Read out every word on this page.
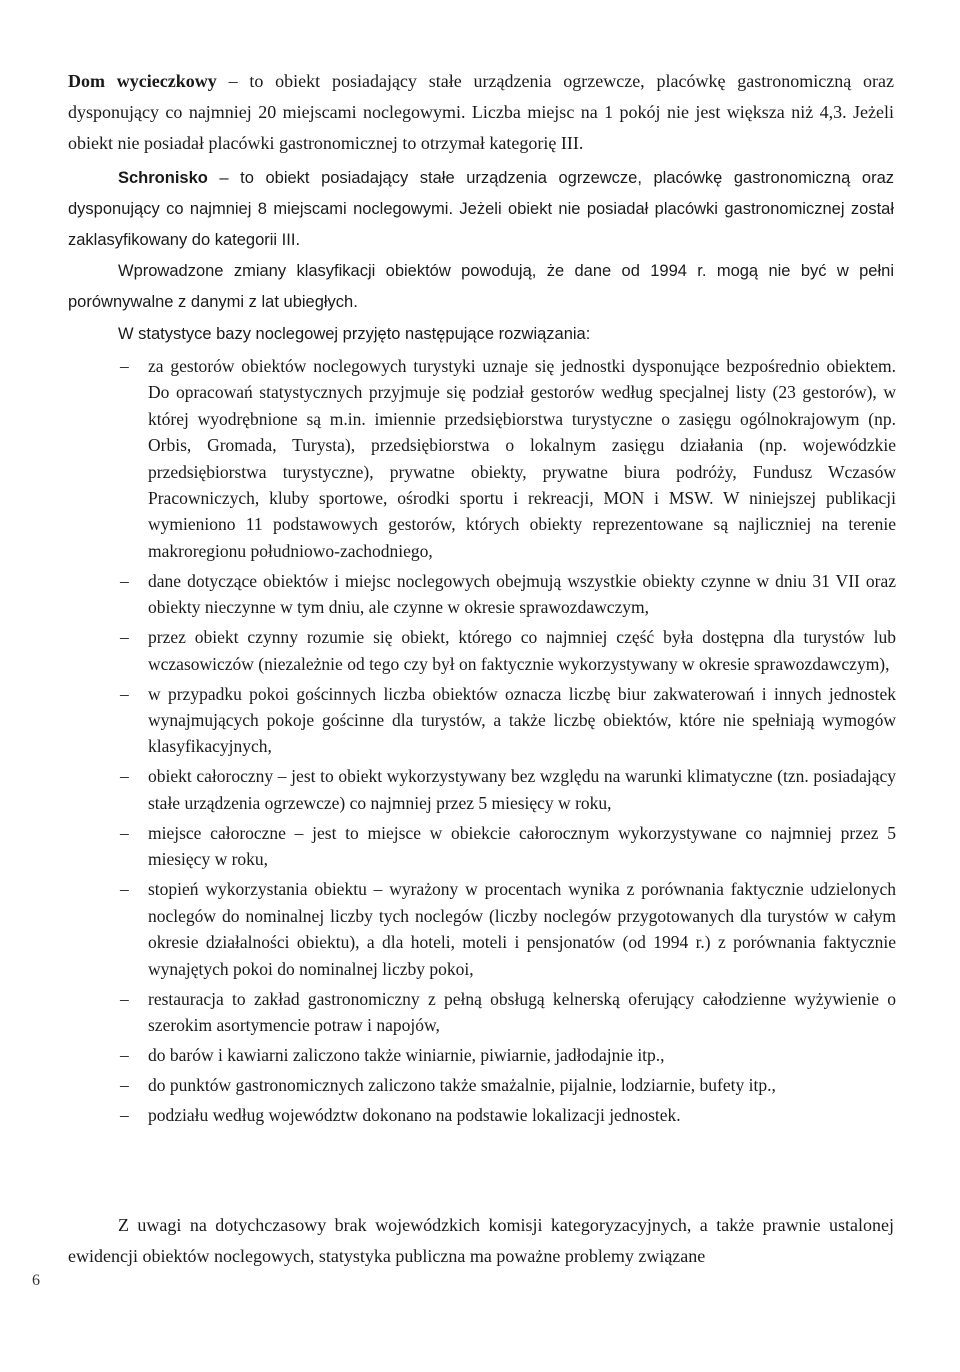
Dom wycieczkowy – to obiekt posiadający stałe urządzenia ogrzewcze, placówkę gastronomiczną oraz dysponujący co najmniej 20 miejscami noclegowymi. Liczba miejsc na 1 pokój nie jest większa niż 4,3. Jeżeli obiekt nie posiadał placówki gastronomicznej to otrzymał kategorię III.

Schronisko – to obiekt posiadający stałe urządzenia ogrzewcze, placówkę gastronomiczną oraz dysponujący co najmniej 8 miejscami noclegowymi. Jeżeli obiekt nie posiadał placówki gastronomicznej został zaklasyfikowany do kategorii III.

Wprowadzone zmiany klasyfikacji obiektów powodują, że dane od 1994 r. mogą nie być w pełni porównywalne z danymi z lat ubiegłych.

W statystyce bazy noclegowej przyjęto następujące rozwiązania:

– za gestorów obiektów noclegowych turystyki uznaje się jednostki dysponujące bezpośrednio obiektem. Do opracowań statystycznych przyjmuje się podział gestorów według specjalnej listy (23 gestorów), w której wyodrębnione są m.in. imiennie przedsiębiorstwa turystyczne o zasięgu ogólnokrajowym (np. Orbis, Gromada, Turysta), przedsiębiorstwa o lokalnym zasięgu działania (np. wojewódzkie przedsiębiorstwa turystyczne), prywatne obiekty, prywatne biura podróży, Fundusz Wczasów Pracowniczych, kluby sportowe, ośrodki sportu i rekreacji, MON i MSW. W niniejszej publikacji wymieniono 11 podstawowych gestorów, których obiekty reprezentowane są najliczniej na terenie makroregionu południowo-zachodniego,
– dane dotyczące obiektów i miejsc noclegowych obejmują wszystkie obiekty czynne w dniu 31 VII oraz obiekty nieczynne w tym dniu, ale czynne w okresie sprawozdawczym,
– przez obiekt czynny rozumie się obiekt, którego co najmniej część była dostępna dla turystów lub wczasowiczów (niezależnie od tego czy był on faktycznie wykorzystywany w okresie sprawozdawczym),
– w przypadku pokoi gościnnych liczba obiektów oznacza liczbę biur zakwaterowań i innych jednostek wynajmujących pokoje gościnne dla turystów, a także liczbę obiektów, które nie spełniają wymogów klasyfikacyjnych,
– obiekt całoroczny – jest to obiekt wykorzystywany bez względu na warunki klimatyczne (tzn. posiadający stałe urządzenia ogrzewcze) co najmniej przez 5 miesięcy w roku,
– miejsce całoroczne – jest to miejsce w obiekcie całorocznym wykorzystywane co najmniej przez 5 miesięcy w roku,
– stopień wykorzystania obiektu – wyrażony w procentach wynika z porównania faktycznie udzielonych noclegów do nominalnej liczby tych noclegów (liczby noclegów przygotowanych dla turystów w całym okresie działalności obiektu), a dla hoteli, moteli i pensjonatów (od 1994 r.) z porównania faktycznie wynajętych pokoi do nominalnej liczby pokoi,
– restauracja to zakład gastronomiczny z pełną obsługą kelnerską oferujący całodzienne wyżywienie o szerokim asortymencie potraw i napojów,
– do barów i kawiarni zaliczono także winiarnie, piwiarnie, jadłodajnie itp.,
– do punktów gastronomicznych zaliczono także smażalnie, pijalnie, lodziarnie, bufety itp.,
– podziału według województw dokonano na podstawie lokalizacji jednostek.

Z uwagi na dotychczasowy brak wojewódzkich komisji kategoryzacyjnych, a także prawnie ustalonej ewidencji obiektów noclegowych, statystyka publiczna ma poważne problemy związane

6
